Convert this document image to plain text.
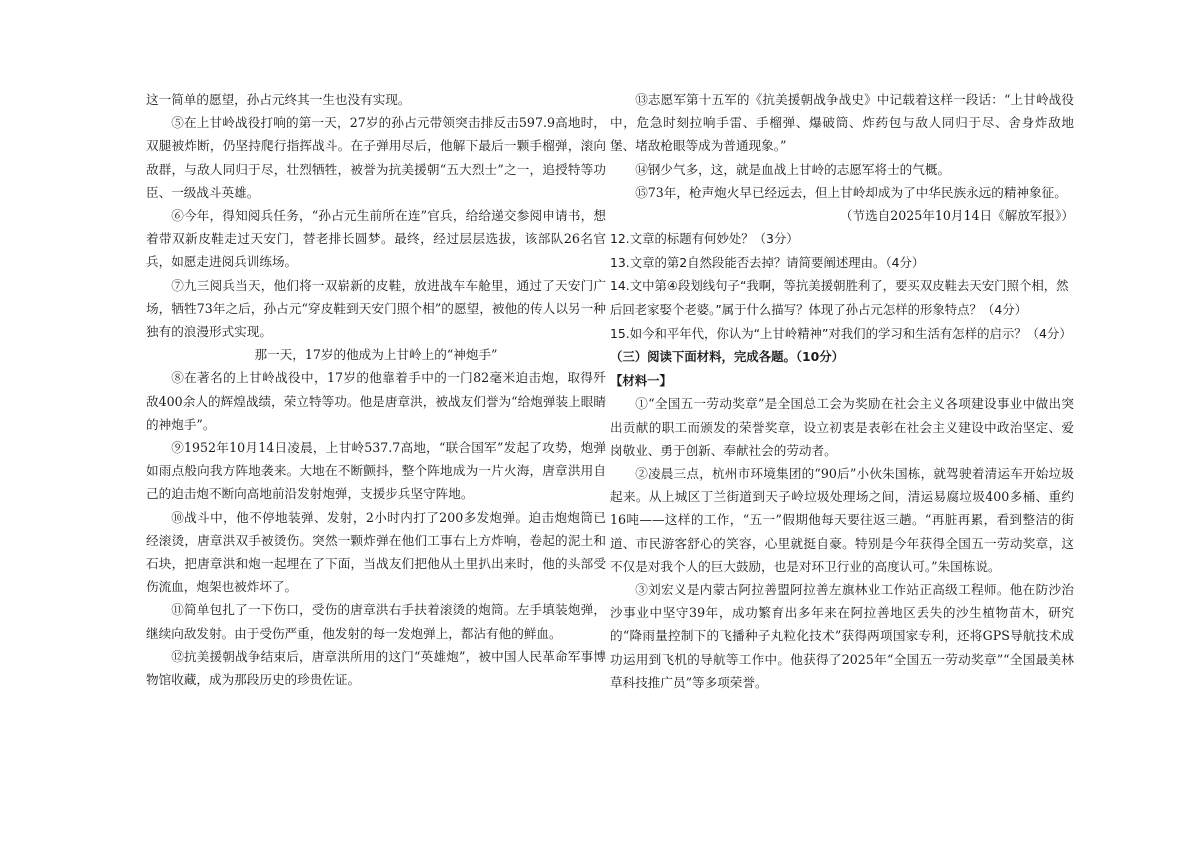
这一简单的愿望，孙占元终其一生也没有实现。

⑤在上甘岭战役打响的第一天，27岁的孙占元带领突击排反击597.9高地时，双腿被炸断，仍坚持爬行指挥战斗。在子弹用尽后，他解下最后一颗手榴弹，滚向敌群，与敌人同归于尽，壮烈牺牲，被誉为抗美援朝“五大烈士”之一，追授特等功臣、一级战斗英雄。

⑥今年，得知阅兵任务，“孙占元生前所在连”官兵，给给递交参阅申请书，想着带双新皮鞋走过天安门，替老排长圆梦。最终，经过层层选拔，该部队26名官兵，如愿走进阅兵训练场。

⑦九三阅兵当天，他们将一双崭新的皮鞋，放进战车车舱里，通过了天安门广场，牺牲73年之后，孙占元“穿皮鞋到天安门照个相”的愿望，被他的传人以另一种独有的浪漫形式实现。

那一天，17岁的他成为上甘岭上的“神炮手”

⑧在著名的上甘岭战役中，17岁的他靠着手中的一门82毫米迫击炮，取得歼敌400余人的辉煌战绩，荣立特等功。他是唐章洪，被战友们誉为“给炮弹装上眼睛的神炮手”。

⑨1952年10月14日凌晨，上甘岭537.7高地，“联合国军”发起了攻势，炮弹如雨点般向我方阵地袭来。大地在不断颤抖，整个阵地成为一片火海，唐章洪用自己的迫击炮不断向高地前沿发射炮弹，支援步兵坚守阵地。

⑩战斗中，他不停地装弹、发射，2小时内打了200多发炮弹。迫击炮炮筒已经滚烫，唐章洪双手被烫伤。突然一颗炸弹在他们工事右上方炸响，卷起的泥土和石块，把唐章洪和炮一起埋在了下面，当战友们把他从土里扒出来时，他的头部受伤流血，炮架也被炸坏了。

⑪简单包扎了一下伤口，受伤的唐章洪右手扶着滚烫的炮筒。左手填装炮弹，继续向敌发射。由于受伤严重，他发射的每一发炮弹上，都沾有他的鲜血。

⑫抗美援朝战争结束后，唐章洪所用的这门“英雄炮”，被中国人民革命军事博物馆收藏，成为那段历史的珍贵佐证。

⑬志愿军第十五军的《抗美援朝战争战史》中记载着这样一段话：“上甘岭战役中，危急时刻拉响手雷、手榴弹、爆破筒、炸药包与敌人同归于尽、舍身炸敌地堡、堵敌枪眼等成为普通现象。”

⑭钢少气多，这，就是血战上甘岭的志愿军将士的气概。

⑮73年，枪声炮火早已经远去，但上甘岭却成为了中华民族永远的精神象征。

（节选自2025年10月14日《解放军报》）

12.文章的标题有何妙处？（3分）

13.文章的第2自然段能否去掉？请简要阐述理由。（4分）

14.文中第④段划线句子“我啊，等抗美援朝胜利了，要买双皮鞋去天安门照个相，然后回老家娶个老婆。”属于什么描写？体现了孙占元怎样的形象特点？（4分）

15.如今和平年代，你认为“上甘岭精神”对我们的学习和生活有怎样的启示？（4分）

（三）阅读下面材料，完成各题。（10分）

【材料一】

①“全国五一劳动奖章”是全国总工会为奖励在社会主义各项建设事业中做出突出贡献的职工而颁发的荣誉奖章，设立初衷是表彰在社会主义建设中政治坚定、爱岗敬业、勇于创新、奉献社会的劳动者。

②凌晨三点，杭州市环境集团的“90后”小伙朱国栋，就驾驶着清运车开始垃圾起来。从上城区丁兰街道到天子岭垃圾处理场之间，清运易腐垃圾400多桶、重约16吨——这样的工作，“五一”假期他每天要往返三趟。“再脏再累，看到整洁的街道、市民游客舒心的笑容，心里就挺自豪。特别是今年获得全国五一劳动奖章，这不仅是对我个人的巨大鼓励，也是对环卫行业的高度认可。”朱国栋说。

③刘宏义是内蒙古阿拉善盟阿拉善左旗林业工作站正高级工程师。他在防沙治沙事业中坚守39年，成功繁育出多年来在阿拉善地区丢失的沙生植物苗木，研究的“降雨量控制下的飞播种子丸粒化技术”获得两项国家专利，还将GPS导航技术成功运用到飞机的导航等工作中。他获得了2025年“全国五一劳动奖章”“全国最美林草科技推广员”等多项荣誉。
